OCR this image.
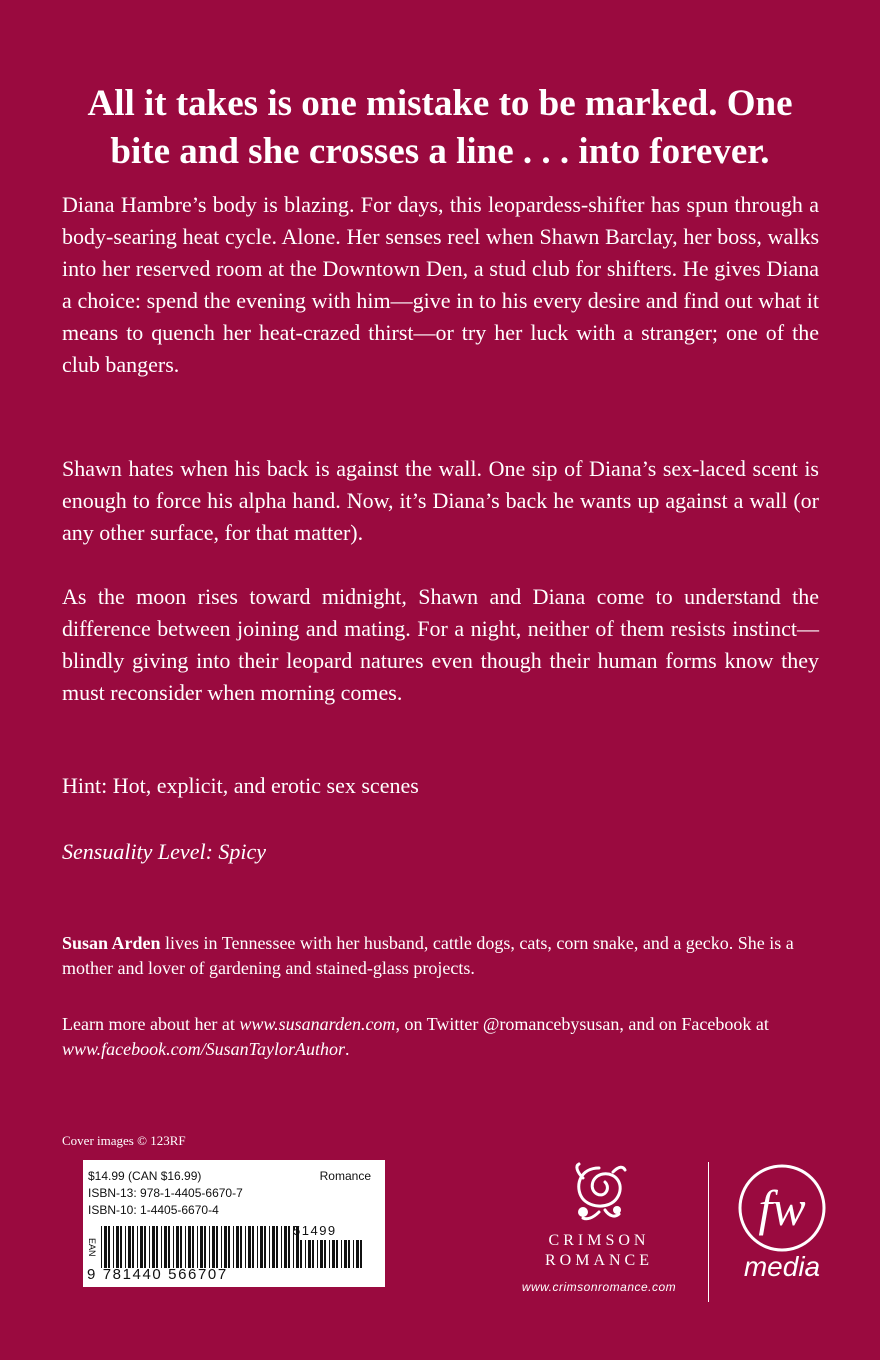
All it takes is one mistake to be marked. One
bite and she crosses a line . . . into forever.

Diana Hambre’s body is blazing. For days, this leopardess-shifter has spun through a body-searing heat cycle. Alone. Her senses reel when Shawn Barclay, her boss, walks into her reserved room at the Downtown Den, a stud club for shifters. He gives Diana a choice: spend the evening with him—give in to his every desire and find out what it means to quench her heat-crazed thirst—or try her luck with a stranger; one of the club bangers.

Shawn hates when his back is against the wall. One sip of Diana’s sex-laced scent is enough to force his alpha hand. Now, it’s Diana’s back he wants up against a wall (or any other surface, for that matter).

As the moon rises toward midnight, Shawn and Diana come to understand the difference between joining and mating. For a night, neither of them resists instinct—blindly giving into their leopard natures even though their human forms know they must reconsider when morning comes.

Hint: Hot, explicit, and erotic sex scenes

Sensuality Level: Spicy

Susan Arden lives in Tennessee with her husband, cattle dogs, cats, corn snake, and a gecko. She is a mother and lover of gardening and stained-glass projects.

Learn more about her at www.susanarden.com, on Twitter @romancebysusan, and on Facebook at www.facebook.com/SusanTaylorAuthor.

Cover images © 123RF

$14.99 (CAN $16.99)
ISBN-13: 978-1-4405-6670-7
ISBN-10: 1-4405-6670-4
Romance
EAN
9 781440 566707
51499
CRIMSON
ROMANCE
www.crimsonromance.com
fw
media
